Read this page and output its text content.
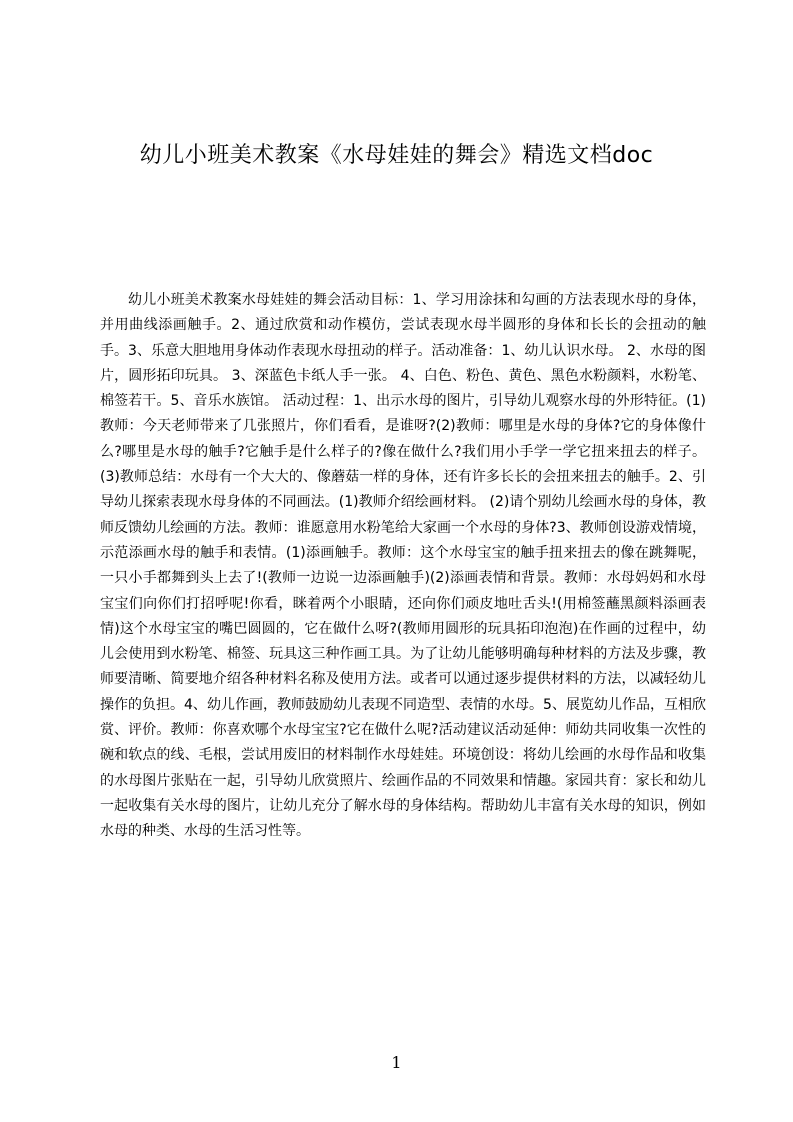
幼儿小班美术教案《水母娃娃的舞会》精选文档doc
幼儿小班美术教案水母娃娃的舞会活动目标：1、学习用涂抹和勾画的方法表现水母的身体，并用曲线添画触手。2、通过欣赏和动作模仿，尝试表现水母半圆形的身体和长长的会扭动的触手。3、乐意大胆地用身体动作表现水母扭动的样子。活动准备：1、幼儿认识水母。 2、水母的图片，圆形拓印玩具。 3、深蓝色卡纸人手一张。 4、白色、粉色、黄色、黑色水粉颜料，水粉笔、棉签若干。5、音乐水族馆。 活动过程：1、出示水母的图片，引导幼儿观察水母的外形特征。(1)教师：今天老师带来了几张照片，你们看看，是谁呀?(2)教师：哪里是水母的身体?它的身体像什么?哪里是水母的触手?它触手是什么样子的?像在做什么?我们用小手学一学它扭来扭去的样子。(3)教师总结：水母有一个大大的、像蘑菇一样的身体，还有许多长长的会扭来扭去的触手。2、引导幼儿探索表现水母身体的不同画法。(1)教师介绍绘画材料。 (2)请个别幼儿绘画水母的身体，教师反馈幼儿绘画的方法。教师：谁愿意用水粉笔给大家画一个水母的身体?3、教师创设游戏情境，示范添画水母的触手和表情。(1)添画触手。教师：这个水母宝宝的触手扭来扭去的像在跳舞呢，一只小手都舞到头上去了!(教师一边说一边添画触手)(2)添画表情和背景。教师：水母妈妈和水母宝宝们向你们打招呼呢!你看，眯着两个小眼睛，还向你们顽皮地吐舌头!(用棉签蘸黑颜料添画表情)这个水母宝宝的嘴巴圆圆的，它在做什么呀?(教师用圆形的玩具拓印泡泡)在作画的过程中，幼儿会使用到水粉笔、棉签、玩具这三种作画工具。为了让幼儿能够明确每种材料的方法及步骤，教师要清晰、简要地介绍各种材料名称及使用方法。或者可以通过逐步提供材料的方法，以减轻幼儿操作的负担。4、幼儿作画，教师鼓励幼儿表现不同造型、表情的水母。5、展览幼儿作品，互相欣赏、评价。教师：你喜欢哪个水母宝宝?它在做什么呢?活动建议活动延伸：师幼共同收集一次性的碗和软点的线、毛根，尝试用废旧的材料制作水母娃娃。环境创设：将幼儿绘画的水母作品和收集的水母图片张贴在一起，引导幼儿欣赏照片、绘画作品的不同效果和情趣。家园共育：家长和幼儿一起收集有关水母的图片，让幼儿充分了解水母的身体结构。帮助幼儿丰富有关水母的知识，例如水母的种类、水母的生活习性等。
1
